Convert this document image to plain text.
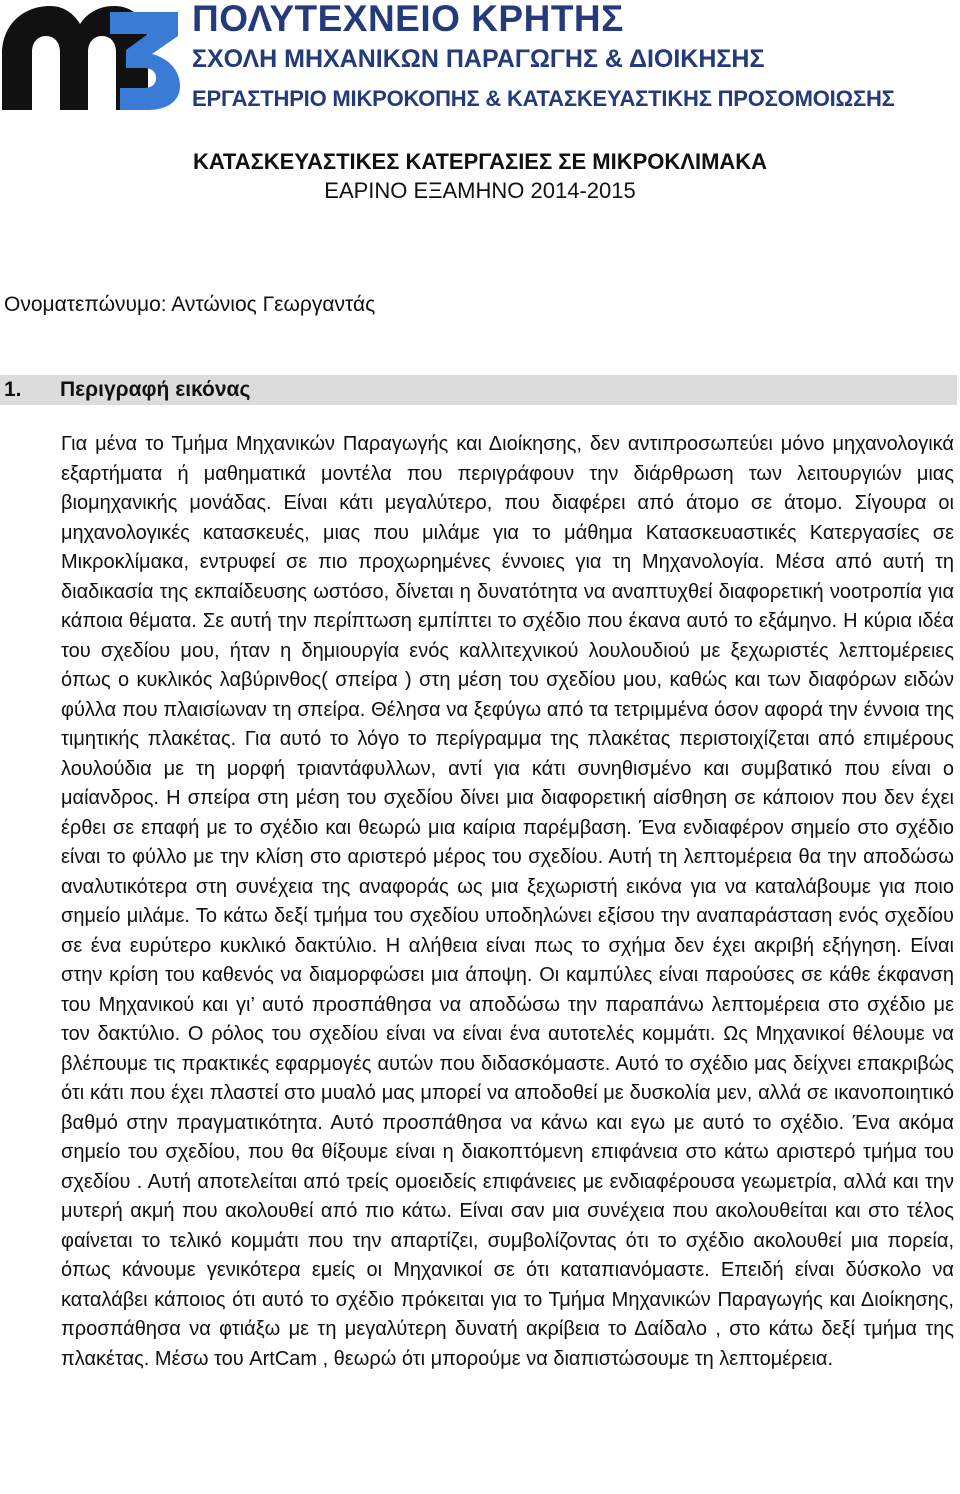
ΠΟΛΥΤΕΧΝΕΙΟ ΚΡΗΤΗΣ
ΣΧΟΛΗ ΜΗΧΑΝΙΚΩΝ ΠΑΡΑΓΩΓΗΣ & ΔΙΟΙΚΗΣΗΣ
ΕΡΓΑΣΤΗΡΙΟ ΜΙΚΡΟΚΟΠΗΣ & ΚΑΤΑΣΚΕΥΑΣΤΙΚΗΣ ΠΡΟΣΟΜΟΙΩΣΗΣ
ΚΑΤΑΣΚΕΥΑΣΤΙΚΕΣ ΚΑΤΕΡΓΑΣΙΕΣ ΣΕ ΜΙΚΡΟΚΛΙΜΑΚΑ
ΕΑΡΙΝΟ ΕΞΑΜΗΝΟ 2014-2015
Ονοματεπώνυμο: Αντώνιος Γεωργαντάς
1. Περιγραφή εικόνας

Για μένα το Τμήμα Μηχανικών Παραγωγής και Διοίκησης, δεν αντιπροσωπεύει μόνο μηχανολογικά εξαρτήματα ή μαθηματικά μοντέλα που περιγράφουν την διάρθρωση των λειτουργιών μιας βιομηχανικής μονάδας. Είναι κάτι μεγαλύτερο, που διαφέρει από άτομο σε άτομο. Σίγουρα οι μηχανολογικές κατασκευές, μιας που μιλάμε για το μάθημα Κατασκευαστικές Κατεργασίες σε Μικροκλίμακα, εντρυφεί σε πιο προχωρημένες έννοιες για τη Μηχανολογία. Μέσα από αυτή τη διαδικασία της εκπαίδευσης ωστόσο, δίνεται η δυνατότητα να αναπτυχθεί διαφορετική νοοτροπία για κάποια θέματα. Σε αυτή την περίπτωση εμπίπτει το σχέδιο που έκανα αυτό το εξάμηνο. Η κύρια ιδέα του σχεδίου μου, ήταν η δημιουργία ενός καλλιτεχνικού λουλουδιού με ξεχωριστές λεπτομέρειες όπως ο κυκλικός λαβύρινθος( σπείρα ) στη μέση του σχεδίου μου, καθώς και των διαφόρων ειδών φύλλα που πλαισίωναν τη σπείρα. Θέλησα να ξεφύγω από τα τετριμμένα όσον αφορά την έννοια της τιμητικής πλακέτας. Για αυτό το λόγο το περίγραμμα της πλακέτας περιστοιχίζεται από επιμέρους λουλούδια με τη μορφή τριαντάφυλλων, αντί για κάτι συνηθισμένο και συμβατικό που είναι ο μαίανδρος. Η σπείρα στη μέση του σχεδίου δίνει μια διαφορετική αίσθηση σε κάποιον που δεν έχει έρθει σε επαφή με το σχέδιο και θεωρώ μια καίρια παρέμβαση. Ένα ενδιαφέρον σημείο στο σχέδιο είναι το φύλλο με την κλίση στο αριστερό μέρος του σχεδίου. Αυτή τη λεπτομέρεια θα την αποδώσω αναλυτικότερα στη συνέχεια της αναφοράς ως μια ξεχωριστή εικόνα για να καταλάβουμε για ποιο σημείο μιλάμε. Το κάτω δεξί τμήμα του σχεδίου υποδηλώνει εξίσου την αναπαράσταση ενός σχεδίου σε ένα ευρύτερο κυκλικό δακτύλιο. Η αλήθεια είναι πως το σχήμα δεν έχει ακριβή εξήγηση. Είναι στην κρίση του καθενός να διαμορφώσει μια άποψη. Οι καμπύλες είναι παρούσες σε κάθε έκφανση του Μηχανικού και γι’ αυτό προσπάθησα να αποδώσω την παραπάνω λεπτομέρεια στο σχέδιο με τον δακτύλιο. Ο ρόλος του σχεδίου είναι να είναι ένα αυτοτελές κομμάτι. Ως Μηχανικοί θέλουμε να βλέπουμε τις πρακτικές εφαρμογές αυτών που διδασκόμαστε. Αυτό το σχέδιο μας δείχνει επακριβώς ότι κάτι που έχει πλαστεί στο μυαλό μας μπορεί να αποδοθεί με δυσκολία μεν, αλλά σε ικανοποιητικό βαθμό στην πραγματικότητα. Αυτό προσπάθησα να κάνω και εγω με αυτό το σχέδιο. Ένα ακόμα σημείο του σχεδίου, που θα θίξουμε είναι η διακοπτόμενη επιφάνεια στο κάτω αριστερό τμήμα του σχεδίου . Αυτή αποτελείται από τρείς ομοειδείς επιφάνειες με ενδιαφέρουσα γεωμετρία, αλλά και την μυτερή ακμή που ακολουθεί από πιο κάτω. Είναι σαν μια συνέχεια που ακολουθείται και στο τέλος φαίνεται το τελικό κομμάτι που την απαρτίζει, συμβολίζοντας ότι το σχέδιο ακολουθεί μια πορεία, όπως κάνουμε γενικότερα εμείς οι Μηχανικοί σε ότι καταπιανόμαστε. Επειδή είναι δύσκολο να καταλάβει κάποιος ότι αυτό το σχέδιο πρόκειται για το Τμήμα Μηχανικών Παραγωγής και Διοίκησης, προσπάθησα να φτιάξω με τη μεγαλύτερη δυνατή ακρίβεια το Δαίδαλο , στο κάτω δεξί τμήμα της πλακέτας. Μέσω του ArtCam , θεωρώ ότι μπορούμε να διαπιστώσουμε τη λεπτομέρεια.
